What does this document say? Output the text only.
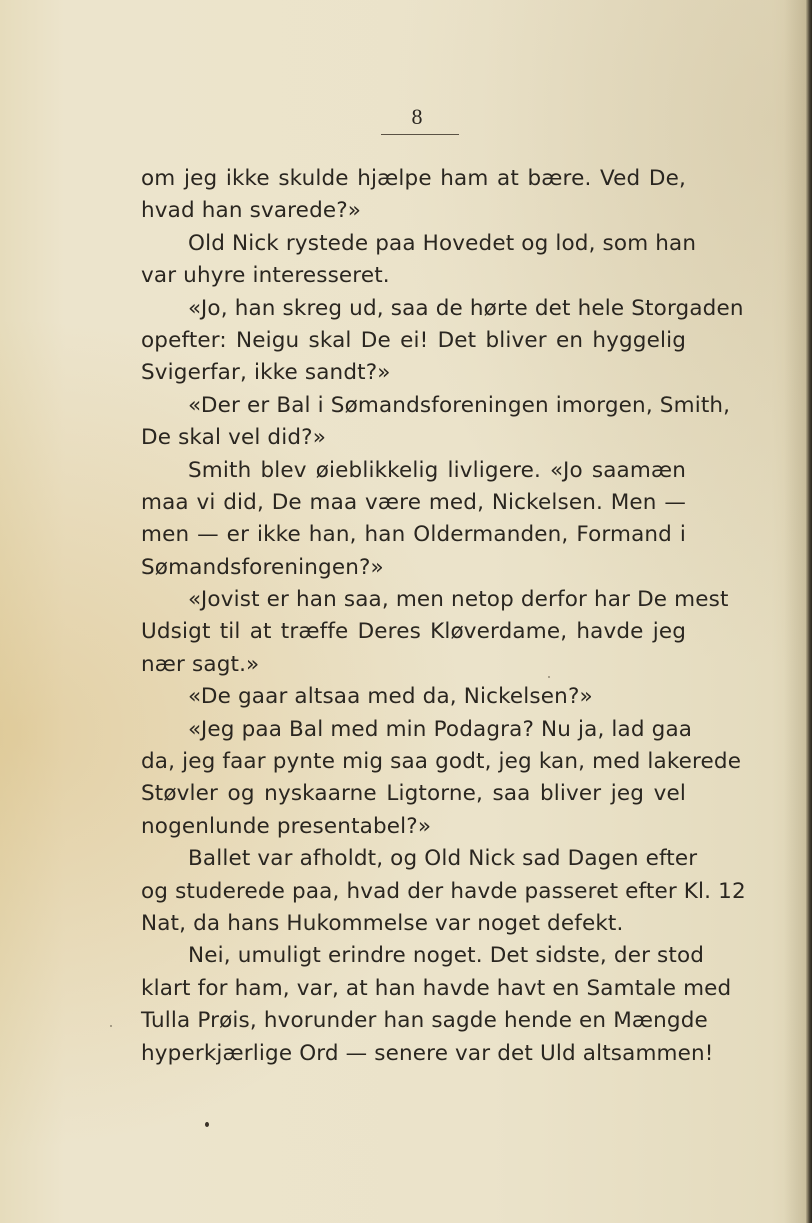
8
om jeg ikke skulde hjælpe ham at bære. Ved De,
hvad han svarede?»
Old Nick rystede paa Hovedet og lod, som han
var uhyre interesseret.
«Jo, han skreg ud, saa de hørte det hele Storgaden
opefter: Neigu skal De ei! Det bliver en hyggelig
Svigerfar, ikke sandt?»
«Der er Bal i Sømandsforeningen imorgen, Smith,
De skal vel did?»
Smith blev øieblikkelig livligere. «Jo saamæn
maa vi did, De maa være med, Nickelsen. Men —
men — er ikke han, han Oldermanden, Formand i
Sømandsforeningen?»
«Jovist er han saa, men netop derfor har De mest
Udsigt til at træffe Deres Kløverdame, havde jeg
nær sagt.»
«De gaar altsaa med da, Nickelsen?»
«Jeg paa Bal med min Podagra? Nu ja, lad gaa
da, jeg faar pynte mig saa godt, jeg kan, med lakerede
Støvler og nyskaarne Ligtorne, saa bliver jeg vel
nogenlunde presentabel?»
Ballet var afholdt, og Old Nick sad Dagen efter
og studerede paa, hvad der havde passeret efter Kl. 12
Nat, da hans Hukommelse var noget defekt.
Nei, umuligt erindre noget. Det sidste, der stod
klart for ham, var, at han havde havt en Samtale med
Tulla Prøis, hvorunder han sagde hende en Mængde
hyperkjærlige Ord — senere var det Uld altsammen!
